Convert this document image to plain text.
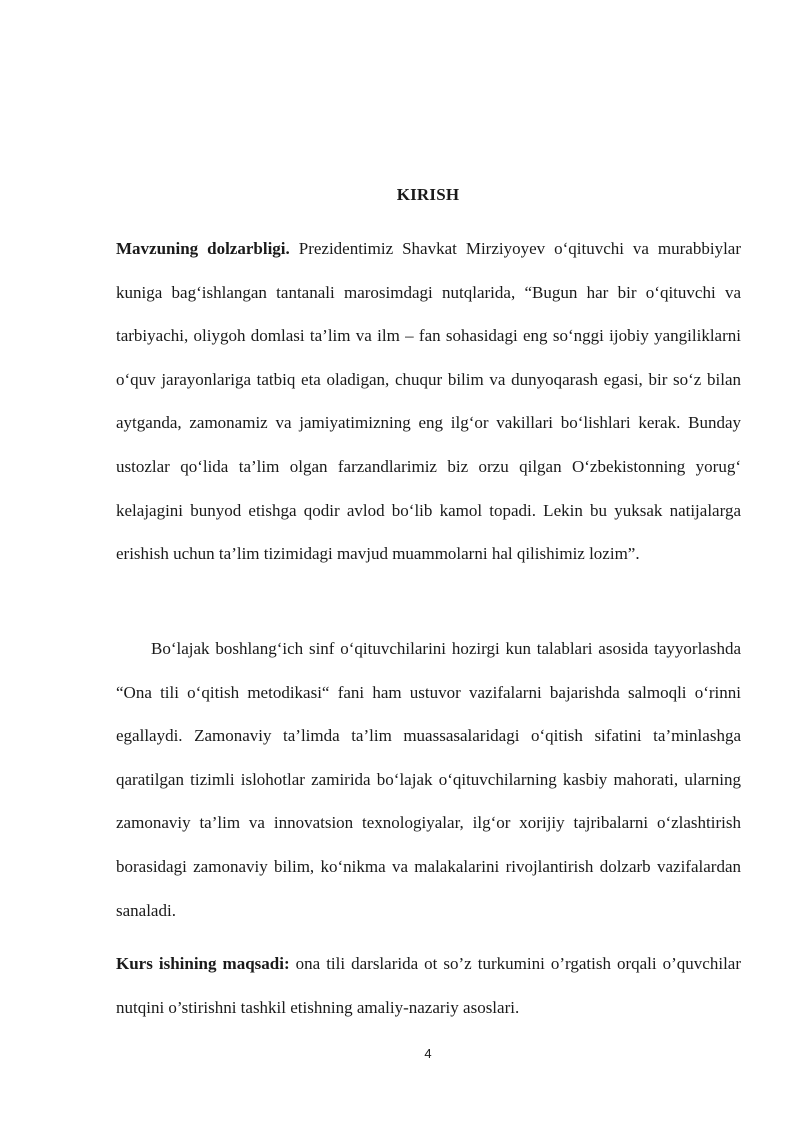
KIRISH

Mavzuning dolzarbligi. Prezidentimiz Shavkat Mirziyoyev o‘qituvchi va murabbiylar kuniga bag‘ishlangan tantanali marosimdagi nutqlarida, “Bugun har bir o‘qituvchi va tarbiyachi, oliygoh domlasi ta’lim va ilm – fan sohasidagi eng so‘nggi ijobiy yangiliklarni o‘quv jarayonlariga tatbiq eta oladigan, chuqur bilim va dunyoqarash egasi, bir so‘z bilan aytganda, zamonamiz va jamiyatimizning eng ilg‘or vakillari bo‘lishlari kerak. Bunday ustozlar qo‘lida ta’lim olgan farzandlarimiz biz orzu qilgan O‘zbekistonning yorug‘ kelajagini bunyod etishga qodir avlod bo‘lib kamol topadi. Lekin bu yuksak natijalarga erishish uchun ta’lim tizimidagi mavjud muammolarni hal qilishimiz lozim”.

Bo‘lajak boshlang‘ich sinf o‘qituvchilarini hozirgi kun talablari asosida tayyorlashda “Ona tili o‘qitish metodikasi“ fani ham ustuvor vazifalarni bajarishda salmoqli o‘rinni egallaydi. Zamonaviy ta’limda ta’lim muassasalaridagi o‘qitish sifatini ta’minlashga qaratilgan tizimli islohotlar zamirida bo‘lajak o‘qituvchilarning kasbiy mahorati, ularning zamonaviy ta’lim va innovatsion texnologiyalar, ilg‘or xorijiy tajribalarni o‘zlashtirish borasidagi zamonaviy bilim, ko‘nikma va malakalarini rivojlantirish dolzarb vazifalardan sanaladi.

Kurs ishining maqsadi: ona tili darslarida ot so’z turkumini o’rgatish orqali o’quvchilar nutqini o’stirishni tashkil etishning amaliy-nazariy asoslari.

4
